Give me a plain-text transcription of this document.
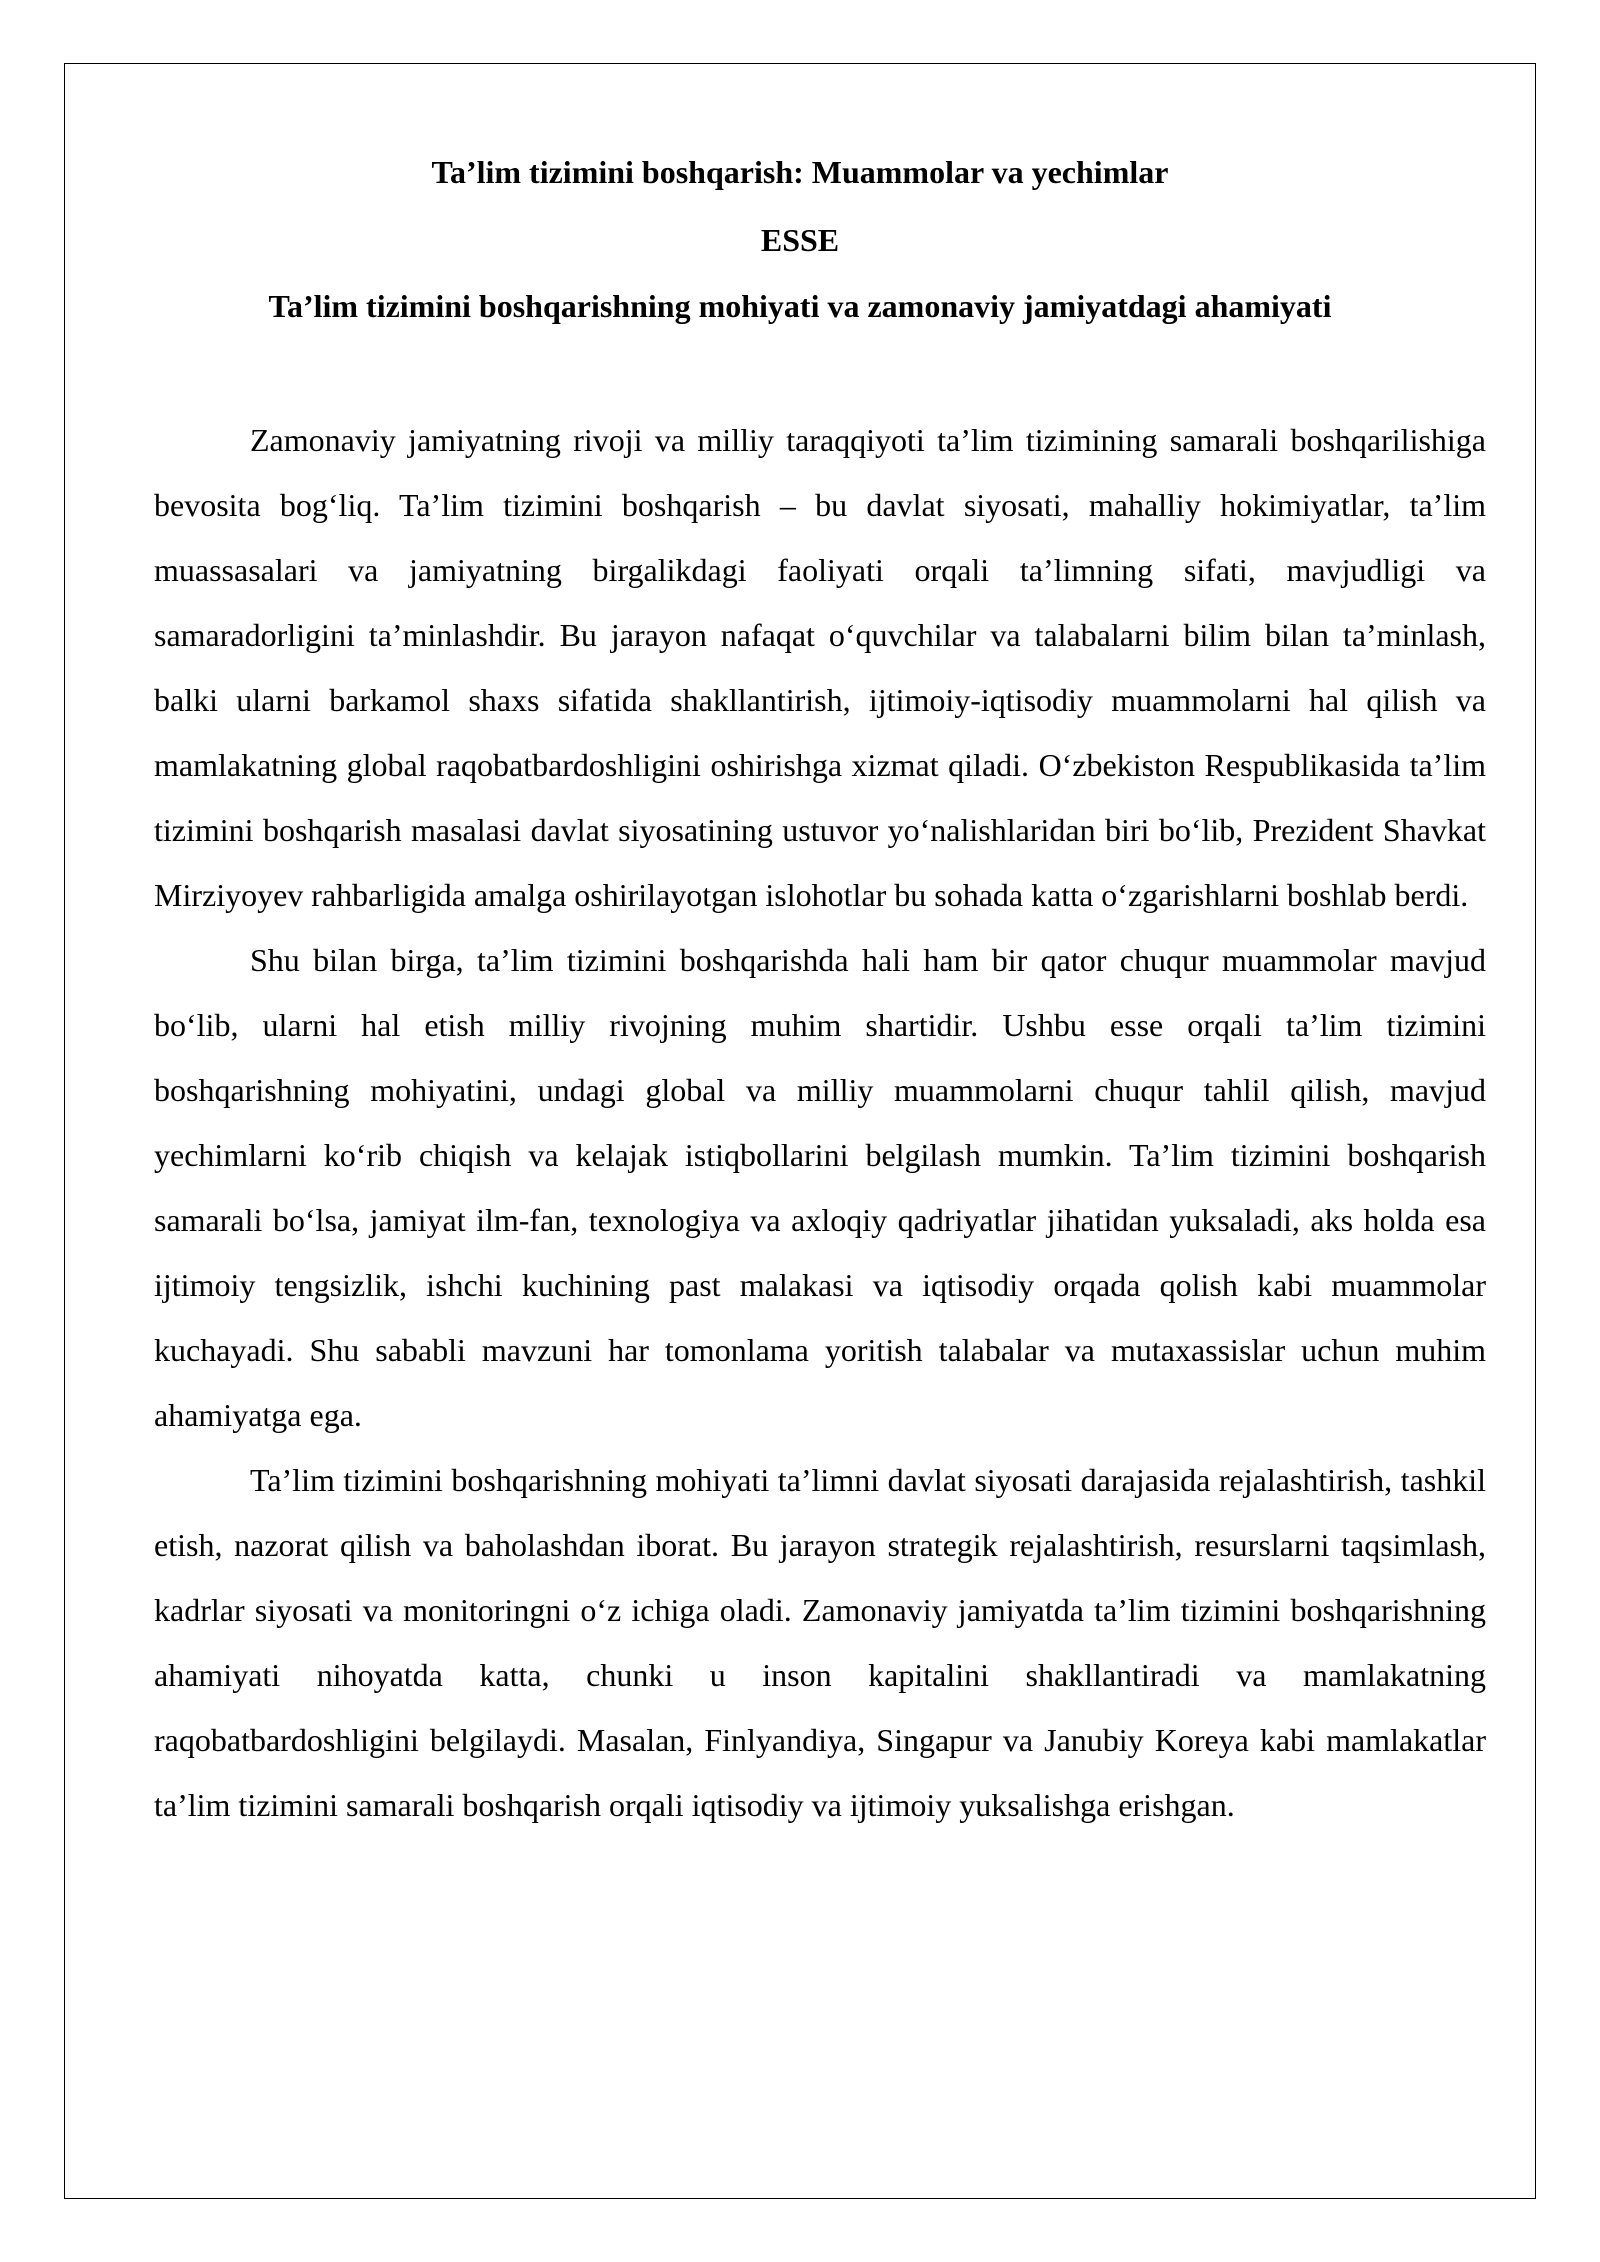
Ta’lim tizimini boshqarish: Muammolar va yechimlar
ESSE
Ta’lim tizimini boshqarishning mohiyati va zamonaviy jamiyatdagi ahamiyati

Zamonaviy jamiyatning rivoji va milliy taraqqiyoti ta’lim tizimining samarali boshqarilishiga bevosita bog‘liq. Ta’lim tizimini boshqarish – bu davlat siyosati, mahalliy hokimiyatlar, ta’lim muassasalari va jamiyatning birgalikdagi faoliyati orqali ta’limning sifati, mavjudligi va samaradorligini ta’minlashdir. Bu jarayon nafaqat o‘quvchilar va talabalarni bilim bilan ta’minlash, balki ularni barkamol shaxs sifatida shakllantirish, ijtimoiy-iqtisodiy muammolarni hal qilish va mamlakatning global raqobatbardoshligini oshirishga xizmat qiladi. O‘zbekiston Respublikasida ta’lim tizimini boshqarish masalasi davlat siyosatining ustuvor yo‘nalishlaridan biri bo‘lib, Prezident Shavkat Mirziyoyev rahbarligida amalga oshirilayotgan islohotlar bu sohada katta o‘zgarishlarni boshlab berdi.

Shu bilan birga, ta’lim tizimini boshqarishda hali ham bir qator chuqur muammolar mavjud bo‘lib, ularni hal etish milliy rivojning muhim shartidir. Ushbu esse orqali ta’lim tizimini boshqarishning mohiyatini, undagi global va milliy muammolarni chuqur tahlil qilish, mavjud yechimlarni ko‘rib chiqish va kelajak istiqbollarini belgilash mumkin. Ta’lim tizimini boshqarish samarali bo‘lsa, jamiyat ilm-fan, texnologiya va axloqiy qadriyatlar jihatidan yuksaladi, aks holda esa ijtimoiy tengsizlik, ishchi kuchining past malakasi va iqtisodiy orqada qolish kabi muammolar kuchayadi. Shu sababli mavzuni har tomonlama yoritish talabalar va mutaxassislar uchun muhim ahamiyatga ega.

Ta’lim tizimini boshqarishning mohiyati ta’limni davlat siyosati darajasida rejalashtirish, tashkil etish, nazorat qilish va baholashdan iborat. Bu jarayon strategik rejalashtirish, resurslarni taqsimlash, kadrlar siyosati va monitoringni o‘z ichiga oladi. Zamonaviy jamiyatda ta’lim tizimini boshqarishning ahamiyati nihoyatda katta, chunki u inson kapitalini shakllantiradi va mamlakatning raqobatbardoshligini belgilaydi. Masalan, Finlyandiya, Singapur va Janubiy Koreya kabi mamlakatlar ta’lim tizimini samarali boshqarish orqali iqtisodiy va ijtimoiy yuksalishga erishgan.
